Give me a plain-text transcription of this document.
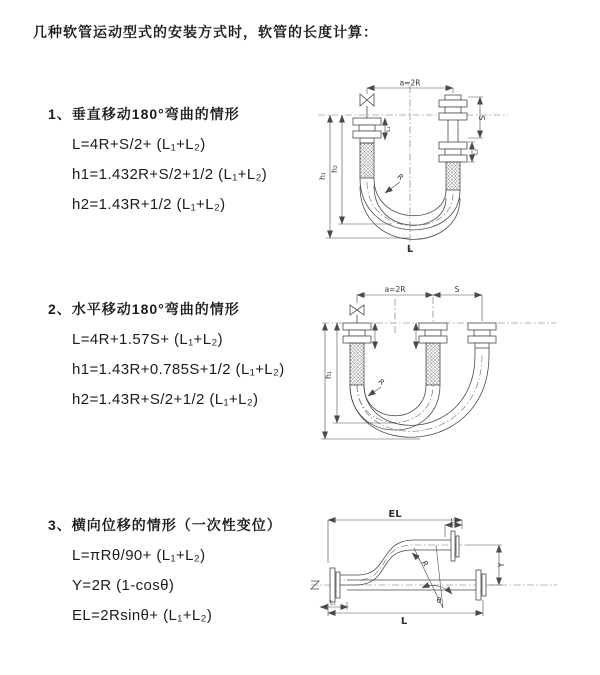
几种软管运动型式的安装方式时，软管的长度计算：

1、垂直移动180°弯曲的情形

L=4R+S/2+ (L₁+L₂)

h1=1.432R+S/2+1/2 (L₁+L₂)

h2=1.43R+1/2 (L₁+L₂)

2、水平移动180°弯曲的情形

L=4R+1.57S+ (L₁+L₂)

h1=1.43R+0.785S+1/2 (L₁+L₂)

h2=1.43R+S/2+1/2 (L₁+L₂)

3、横向位移的情形（一次性变位）

L=πRθ/90+ (L₁+L₂)

Y=2R (1-cosθ)

EL=2Rsinθ+ (L₁+L₂)

a=2R
S
L₂
L₁
h₁
h₂
R
L
a=2R	S
h₁
R
θ
R
EL
L₂
Y
L
L₁
